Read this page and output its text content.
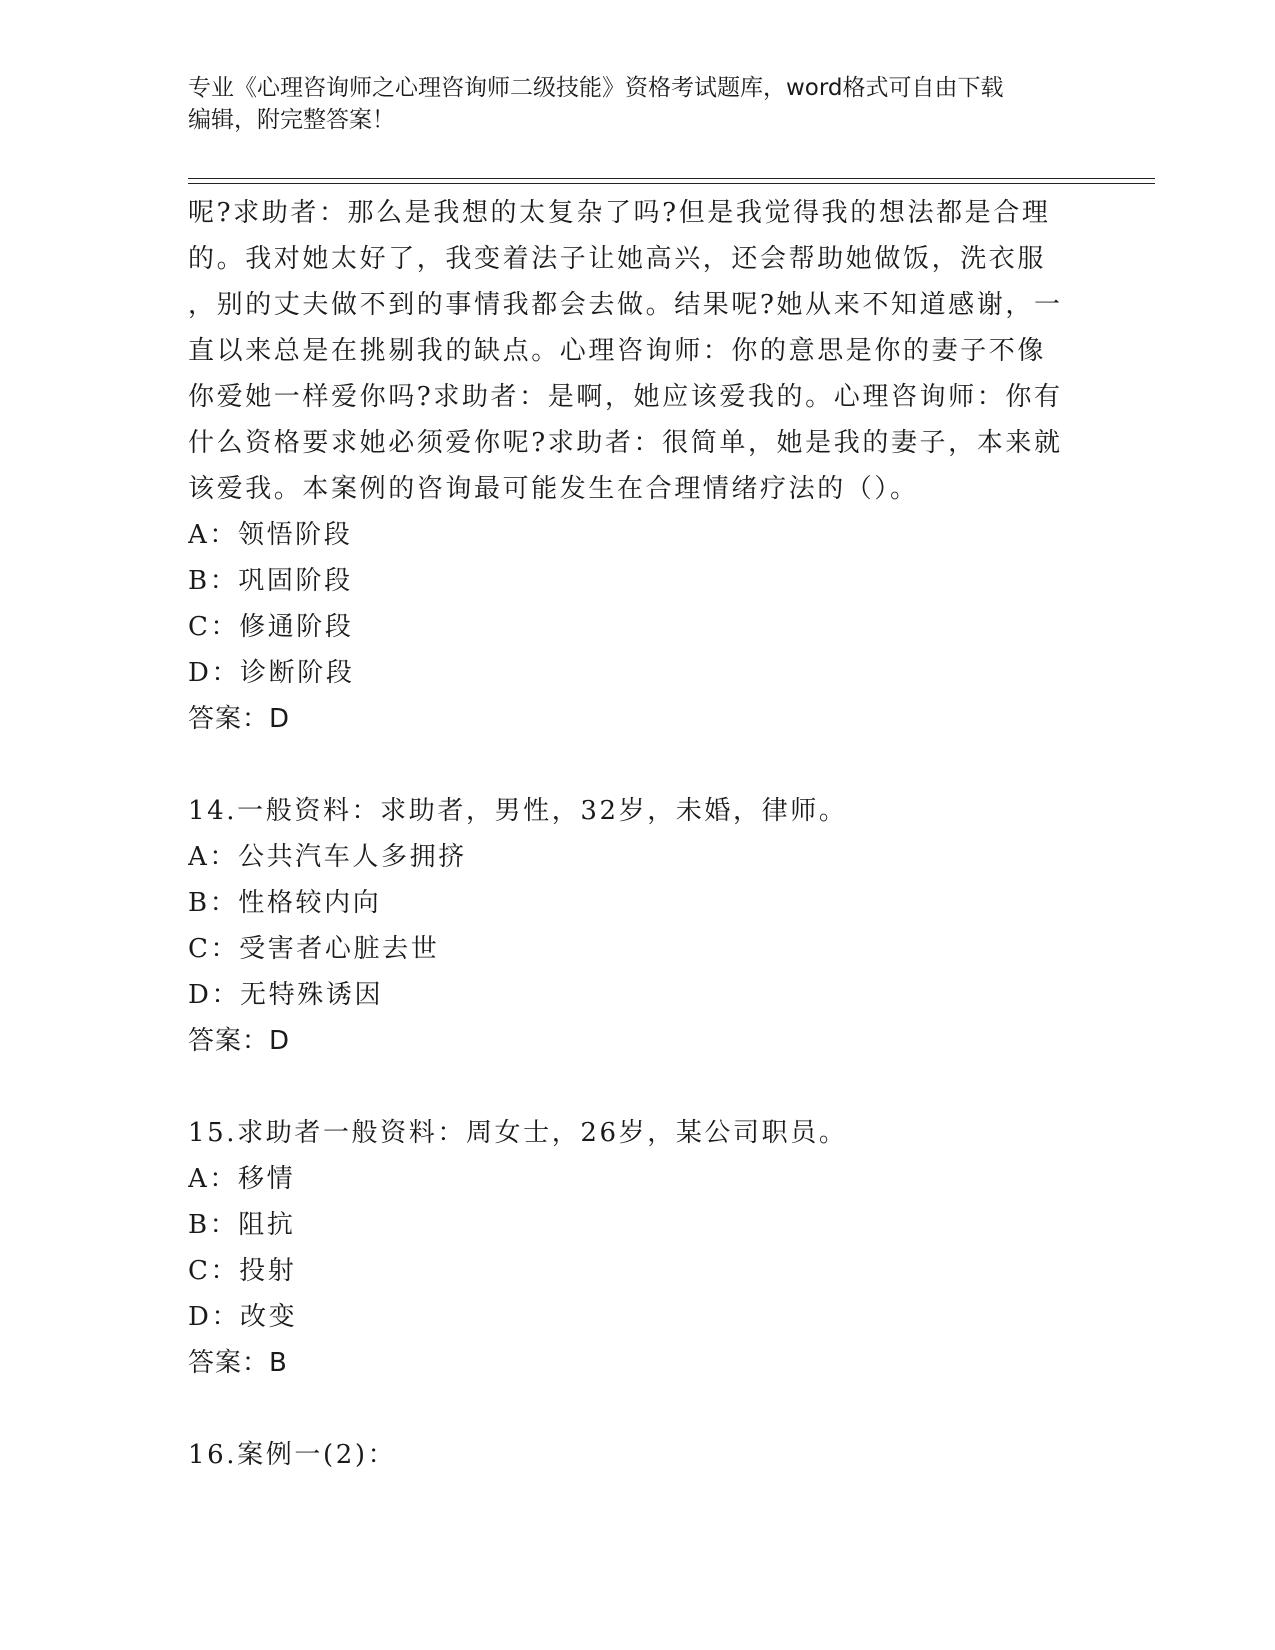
专业《心理咨询师之心理咨询师二级技能》资格考试题库，word格式可自由下载
编辑，附完整答案！
呢?求助者：那么是我想的太复杂了吗?但是我觉得我的想法都是合理
的。我对她太好了，我变着法子让她高兴，还会帮助她做饭，洗衣服
，别的丈夫做不到的事情我都会去做。结果呢?她从来不知道感谢，一
直以来总是在挑剔我的缺点。心理咨询师：你的意思是你的妻子不像
你爱她一样爱你吗?求助者：是啊，她应该爱我的。心理咨询师：你有
什么资格要求她必须爱你呢?求助者：很简单，她是我的妻子，本来就
该爱我。本案例的咨询最可能发生在合理情绪疗法的（）。
A：领悟阶段
B：巩固阶段
C：修通阶段
D：诊断阶段
答案：D
14.一般资料：求助者，男性，32岁，未婚，律师。
A：公共汽车人多拥挤
B：性格较内向
C：受害者心脏去世
D：无特殊诱因
答案：D
15.求助者一般资料：周女士，26岁，某公司职员。
A：移情
B：阻抗
C：投射
D：改变
答案：B
16.案例一(2)：
